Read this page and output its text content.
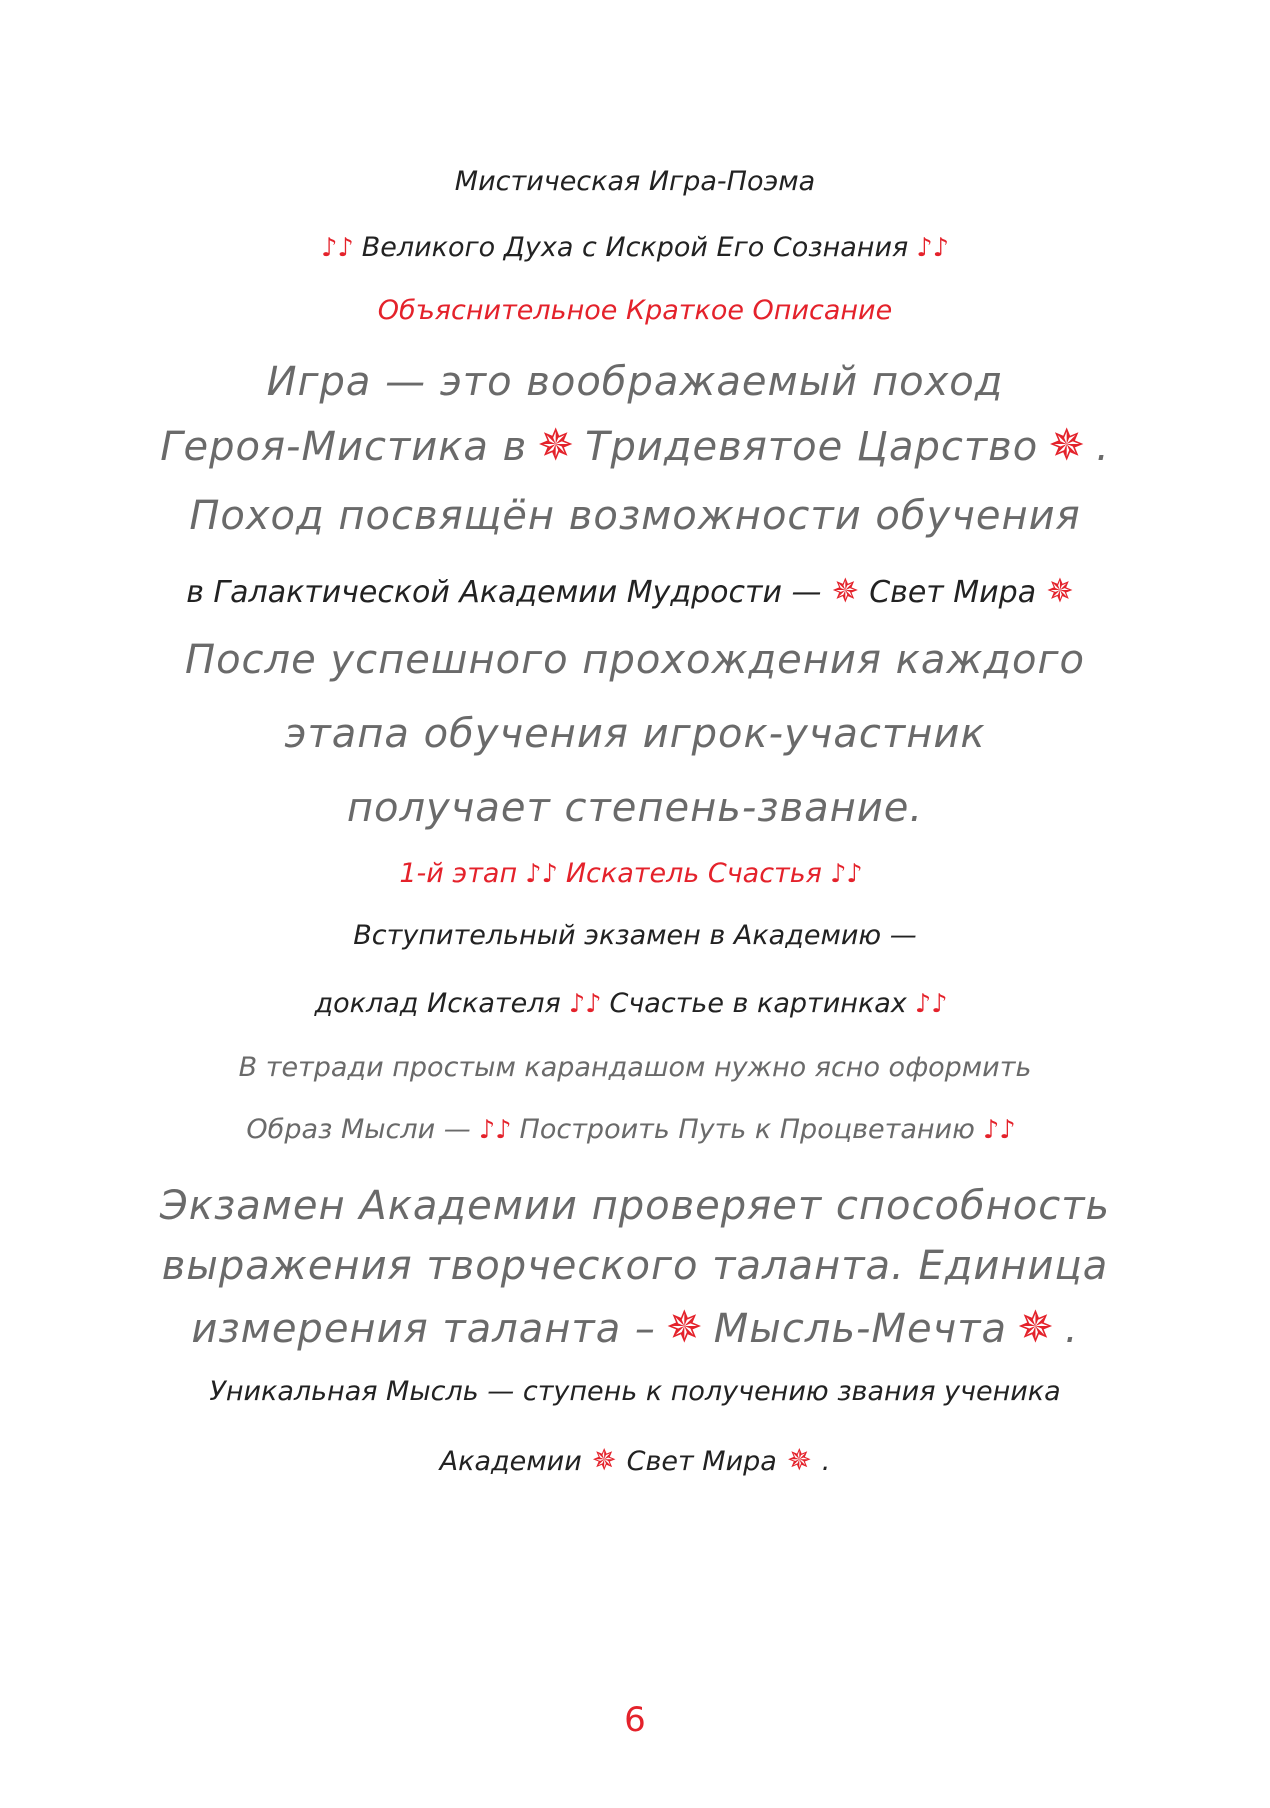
Мистическая Игра-Поэма
♪♪ Великого Духа с Искрой Его Сознания ♪♪
Объяснительное Краткое Описание
Игра — это воображаемый поход
Героя-Мистика в ✵ Тридевятое Царство ✵ .
Поход посвящён возможности обучения
в Галактической Академии Мудрости — ✵ Свет Мира ✵
После успешного прохождения каждого
этапа обучения игрок-участник
получает степень-звание.
1-й этап ♪♪ Искатель Счастья ♪♪
Вступительный экзамен в Академию —
доклад Искателя ♪♪ Счастье в картинках ♪♪
В тетради простым карандашом нужно ясно оформить
Образ Мысли — ♪♪ Построить Путь к Процветанию ♪♪
Экзамен Академии проверяет способность
выражения творческого таланта. Единица
измерения таланта – ✵ Мысль-Мечта ✵ .
Уникальная Мысль — ступень к получению звания ученика
Академии ✵ Свет Мира ✵ .
6
